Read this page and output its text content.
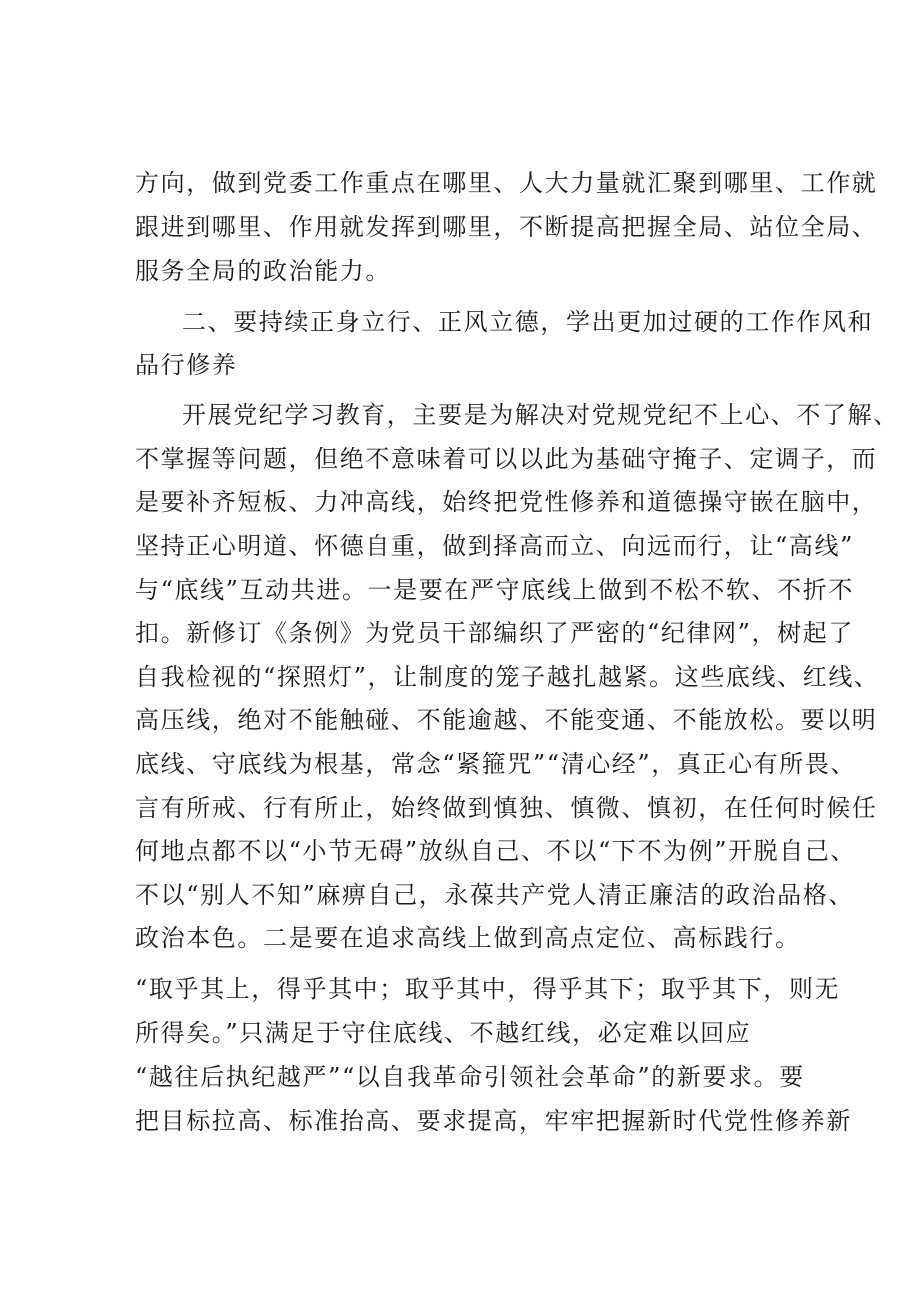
方向，做到党委工作重点在哪里、人大力量就汇聚到哪里、工作就
跟进到哪里、作用就发挥到哪里，不断提高把握全局、站位全局、
服务全局的政治能力。
二、要持续正身立行、正风立德，学出更加过硬的工作作风和
品行修养
开展党纪学习教育，主要是为解决对党规党纪不上心、不了解、
不掌握等问题，但绝不意味着可以以此为基础守掩子、定调子，而
是要补齐短板、力冲高线，始终把党性修养和道德操守嵌在脑中，
坚持正心明道、怀德自重，做到择高而立、向远而行，让“高线”
与“底线”互动共进。一是要在严守底线上做到不松不软、不折不
扣。新修订《条例》为党员干部编织了严密的“纪律网”，树起了
自我检视的“探照灯”，让制度的笼子越扎越紧。这些底线、红线、
高压线，绝对不能触碰、不能逾越、不能变通、不能放松。要以明
底线、守底线为根基，常念“紧箍咒”“清心经”，真正心有所畏、
言有所戒、行有所止，始终做到慎独、慎微、慎初，在任何时候任
何地点都不以“小节无碍”放纵自己、不以“下不为例”开脱自己、
不以“别人不知”麻痹自己，永葆共产党人清正廉洁的政治品格、
政治本色。二是要在追求高线上做到高点定位、高标践行。
“取乎其上，得乎其中；取乎其中，得乎其下；取乎其下，则无
所得矣。”只满足于守住底线、不越红线，必定难以回应
“越往后执纪越严”“以自我革命引领社会革命”的新要求。要
把目标拉高、标准抬高、要求提高，牢牢把握新时代党性修养新
